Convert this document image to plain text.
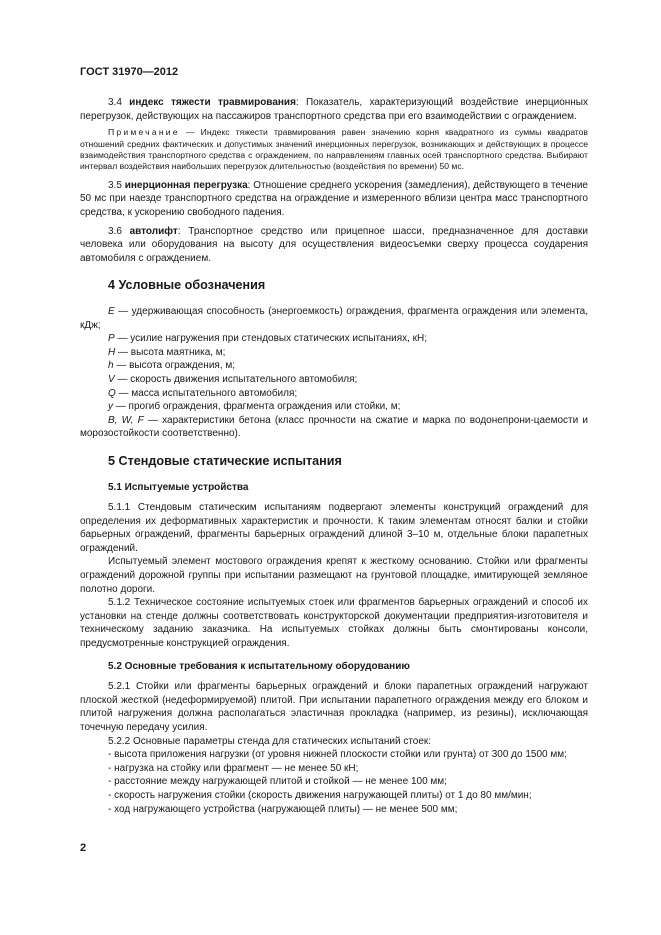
ГОСТ 31970—2012

3.4 индекс тяжести травмирования: Показатель, характеризующий воздействие инерционных перегрузок, действующих на пассажиров транспортного средства при его взаимодействии с ограждением.

Примечание — Индекс тяжести травмирования равен значению корня квадратного из суммы квадратов отношений средних фактических и допустимых значений инерционных перегрузок, возникающих и действующих в процессе взаимодействия транспортного средства с ограждением, по направлениям главных осей транспортного средства. Выбирают интервал воздействия наибольших перегрузок длительностью (воздействия по времени) 50 мс.

3.5 инерционная перегрузка: Отношение среднего ускорения (замедления), действующего в течение 50 мс при наезде транспортного средства на ограждение и измеренного вблизи центра масс транспортного средства, к ускорению свободного падения.

3.6 автолифт: Транспортное средство или прицепное шасси, предназначенное для доставки человека или оборудования на высоту для осуществления видеосъемки сверху процесса соударения автомобиля с ограждением.

4 Условные обозначения

E — удерживающая способность (энергоемкость) ограждения, фрагмента ограждения или элемента, кДж;

P — усилие нагружения при стендовых статических испытаниях, кН;

H — высота маятника, м;

h — высота ограждения, м;

V — скорость движения испытательного автомобиля;

Q — масса испытательного автомобиля;

y — прогиб ограждения, фрагмента ограждения или стойки, м;

B, W, F — характеристики бетона (класс прочности на сжатие и марка по водонепрони-цаемости и морозостойкости соответственно).

5 Стендовые статические испытания
5.1 Испытуемые устройства

5.1.1 Стендовым статическим испытаниям подвергают элементы конструкций ограждений для определения их деформативных характеристик и прочности. К таким элементам относят балки и стойки барьерных ограждений, фрагменты барьерных ограждений длиной 3–10 м, отдельные блоки парапетных ограждений.

Испытуемый элемент мостового ограждения крепят к жесткому основанию. Стойки или фрагменты ограждений дорожной группы при испытании размещают на грунтовой площадке, имитирующей земляное полотно дороги.

5.1.2 Техническое состояние испытуемых стоек или фрагментов барьерных ограждений и способ их установки на стенде должны соответствовать конструкторской документации предприятия-изготовителя и техническому заданию заказчика. На испытуемых стойках должны быть смонтированы консоли, предусмотренные конструкцией ограждения.

5.2 Основные требования к испытательному оборудованию

5.2.1 Стойки или фрагменты барьерных ограждений и блоки парапетных ограждений нагружают плоской жесткой (недеформируемой) плитой. При испытании парапетного ограждения между его блоком и плитой нагружения должна располагаться эластичная прокладка (например, из резины), исключающая точечную передачу усилия.

5.2.2 Основные параметры стенда для статических испытаний стоек:

- высота приложения нагрузки (от уровня нижней плоскости стойки или грунта) от 300 до 1500 мм;

- нагрузка на стойку или фрагмент — не менее 50 кН;

- расстояние между нагружающей плитой и стойкой — не менее 100 мм;

- скорость нагружения стойки (скорость движения нагружающей плиты) от 1 до 80 мм/мин;

- ход нагружающего устройства (нагружающей плиты) — не менее 500 мм;

2
